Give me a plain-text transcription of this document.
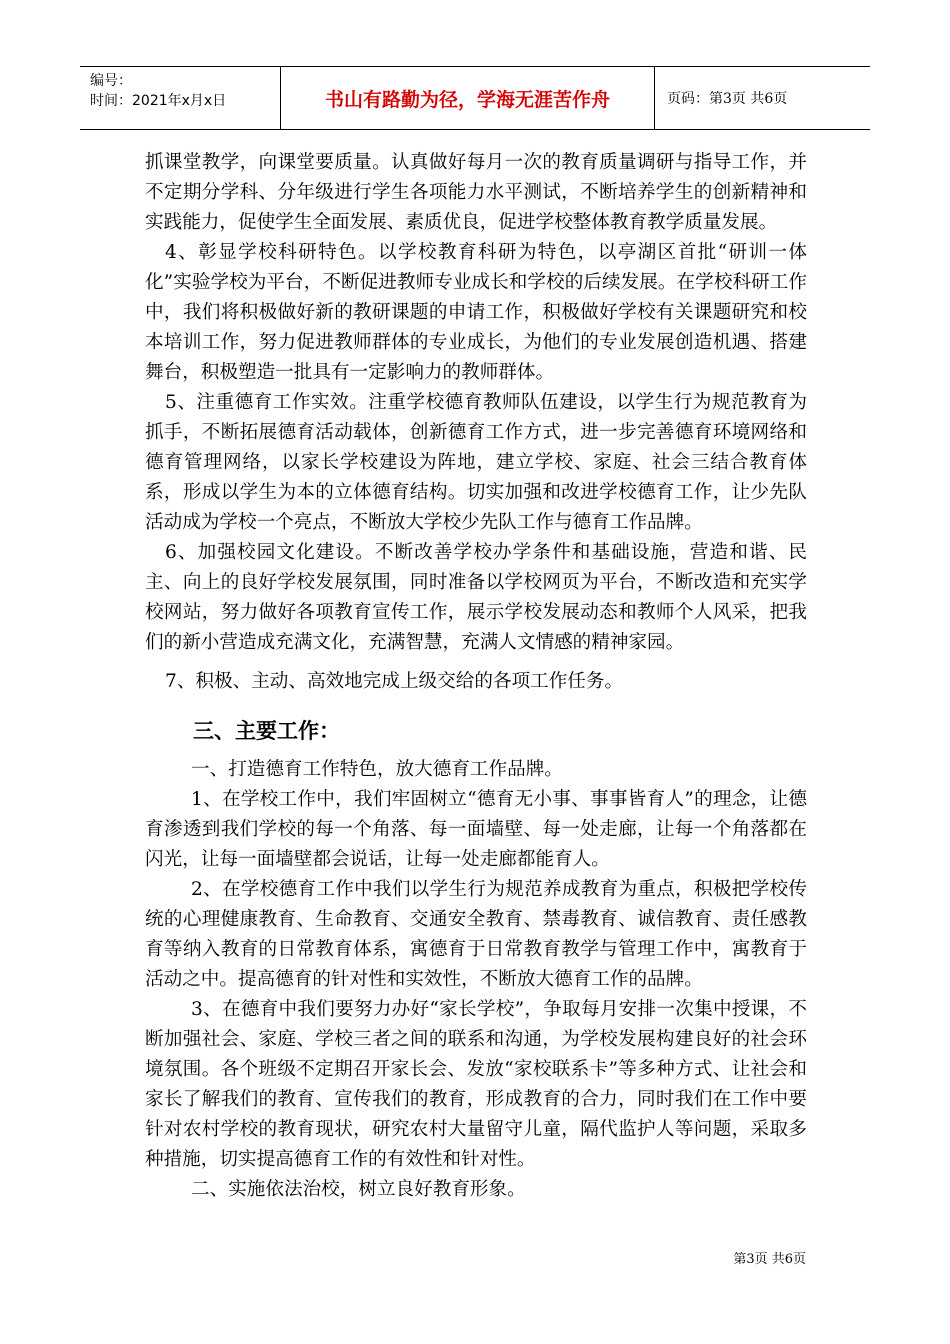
编号：
时间：2021年x月x日	书山有路勤为径，学海无涯苦作舟	页码：第3页 共6页

抓课堂教学，向课堂要质量。认真做好每月一次的教育质量调研与指导工作，并不定期分学科、分年级进行学生各项能力水平测试，不断培养学生的创新精神和实践能力，促使学生全面发展、素质优良，促进学校整体教育教学质量发展。

4、彰显学校科研特色。以学校教育科研为特色，以亭湖区首批“研训一体化”实验学校为平台，不断促进教师专业成长和学校的后续发展。在学校科研工作中，我们将积极做好新的教研课题的申请工作，积极做好学校有关课题研究和校本培训工作，努力促进教师群体的专业成长，为他们的专业发展创造机遇、搭建舞台，积极塑造一批具有一定影响力的教师群体。

5、注重德育工作实效。注重学校德育教师队伍建设，以学生行为规范教育为抓手，不断拓展德育活动载体，创新德育工作方式，进一步完善德育环境网络和德育管理网络，以家长学校建设为阵地，建立学校、家庭、社会三结合教育体系，形成以学生为本的立体德育结构。切实加强和改进学校德育工作，让少先队活动成为学校一个亮点，不断放大学校少先队工作与德育工作品牌。

6、加强校园文化建设。不断改善学校办学条件和基础设施，营造和谐、民主、向上的良好学校发展氛围，同时准备以学校网页为平台，不断改造和充实学校网站，努力做好各项教育宣传工作，展示学校发展动态和教师个人风采，把我们的新小营造成充满文化，充满智慧，充满人文情感的精神家园。

7、积极、主动、高效地完成上级交给的各项工作任务。

三、主要工作：

一、打造德育工作特色，放大德育工作品牌。

1、在学校工作中，我们牢固树立“德育无小事、事事皆育人”的理念，让德育渗透到我们学校的每一个角落、每一面墙壁、每一处走廊，让每一个角落都在闪光，让每一面墙壁都会说话，让每一处走廊都能育人。

2、在学校德育工作中我们以学生行为规范养成教育为重点，积极把学校传统的心理健康教育、生命教育、交通安全教育、禁毒教育、诚信教育、责任感教育等纳入教育的日常教育体系，寓德育于日常教育教学与管理工作中，寓教育于活动之中。提高德育的针对性和实效性，不断放大德育工作的品牌。

3、在德育中我们要努力办好“家长学校”，争取每月安排一次集中授课，不断加强社会、家庭、学校三者之间的联系和沟通，为学校发展构建良好的社会环境氛围。各个班级不定期召开家长会、发放“家校联系卡”等多种方式、让社会和家长了解我们的教育、宣传我们的教育，形成教育的合力，同时我们在工作中要针对农村学校的教育现状，研究农村大量留守儿童，隔代监护人等问题，采取多种措施，切实提高德育工作的有效性和针对性。

二、实施依法治校，树立良好教育形象。

第3页 共6页
